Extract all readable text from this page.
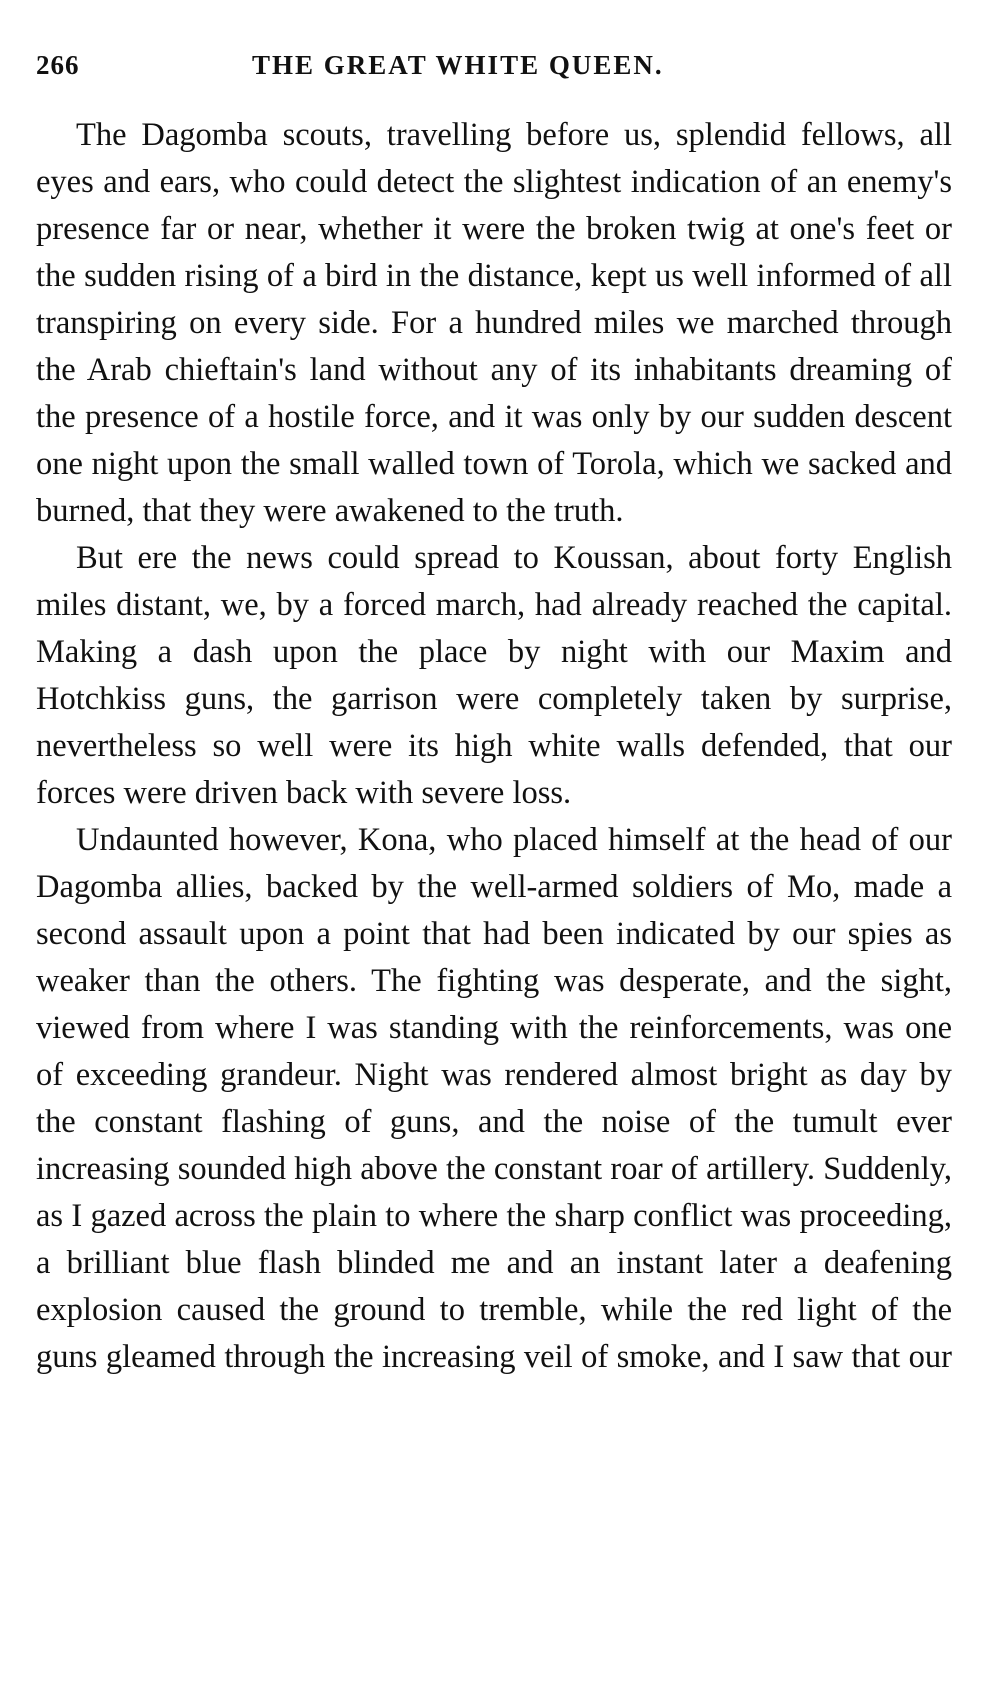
266	THE GREAT WHITE QUEEN.

The Dagomba scouts, travelling before us, splendid fellows, all eyes and ears, who could detect the slightest indication of an enemy's presence far or near, whether it were the broken twig at one's feet or the sudden rising of a bird in the distance, kept us well informed of all transpiring on every side. For a hundred miles we marched through the Arab chieftain's land without any of its inhabitants dreaming of the presence of a hostile force, and it was only by our sudden descent one night upon the small walled town of Torola, which we sacked and burned, that they were awakened to the truth.

But ere the news could spread to Koussan, about forty English miles distant, we, by a forced march, had already reached the capital. Making a dash upon the place by night with our Maxim and Hotchkiss guns, the garrison were completely taken by surprise, nevertheless so well were its high white walls defended, that our forces were driven back with severe loss.

Undaunted however, Kona, who placed himself at the head of our Dagomba allies, backed by the well-armed soldiers of Mo, made a second assault upon a point that had been indicated by our spies as weaker than the others. The fighting was desperate, and the sight, viewed from where I was standing with the reinforcements, was one of exceeding grandeur. Night was rendered almost bright as day by the constant flashing of guns, and the noise of the tumult ever increasing sounded high above the constant roar of artillery. Suddenly, as I gazed across the plain to where the sharp conflict was proceeding, a brilliant blue flash blinded me and an instant later a deafening explosion caused the ground to tremble, while the red light of the guns gleamed through the increasing veil of smoke, and I saw that our
